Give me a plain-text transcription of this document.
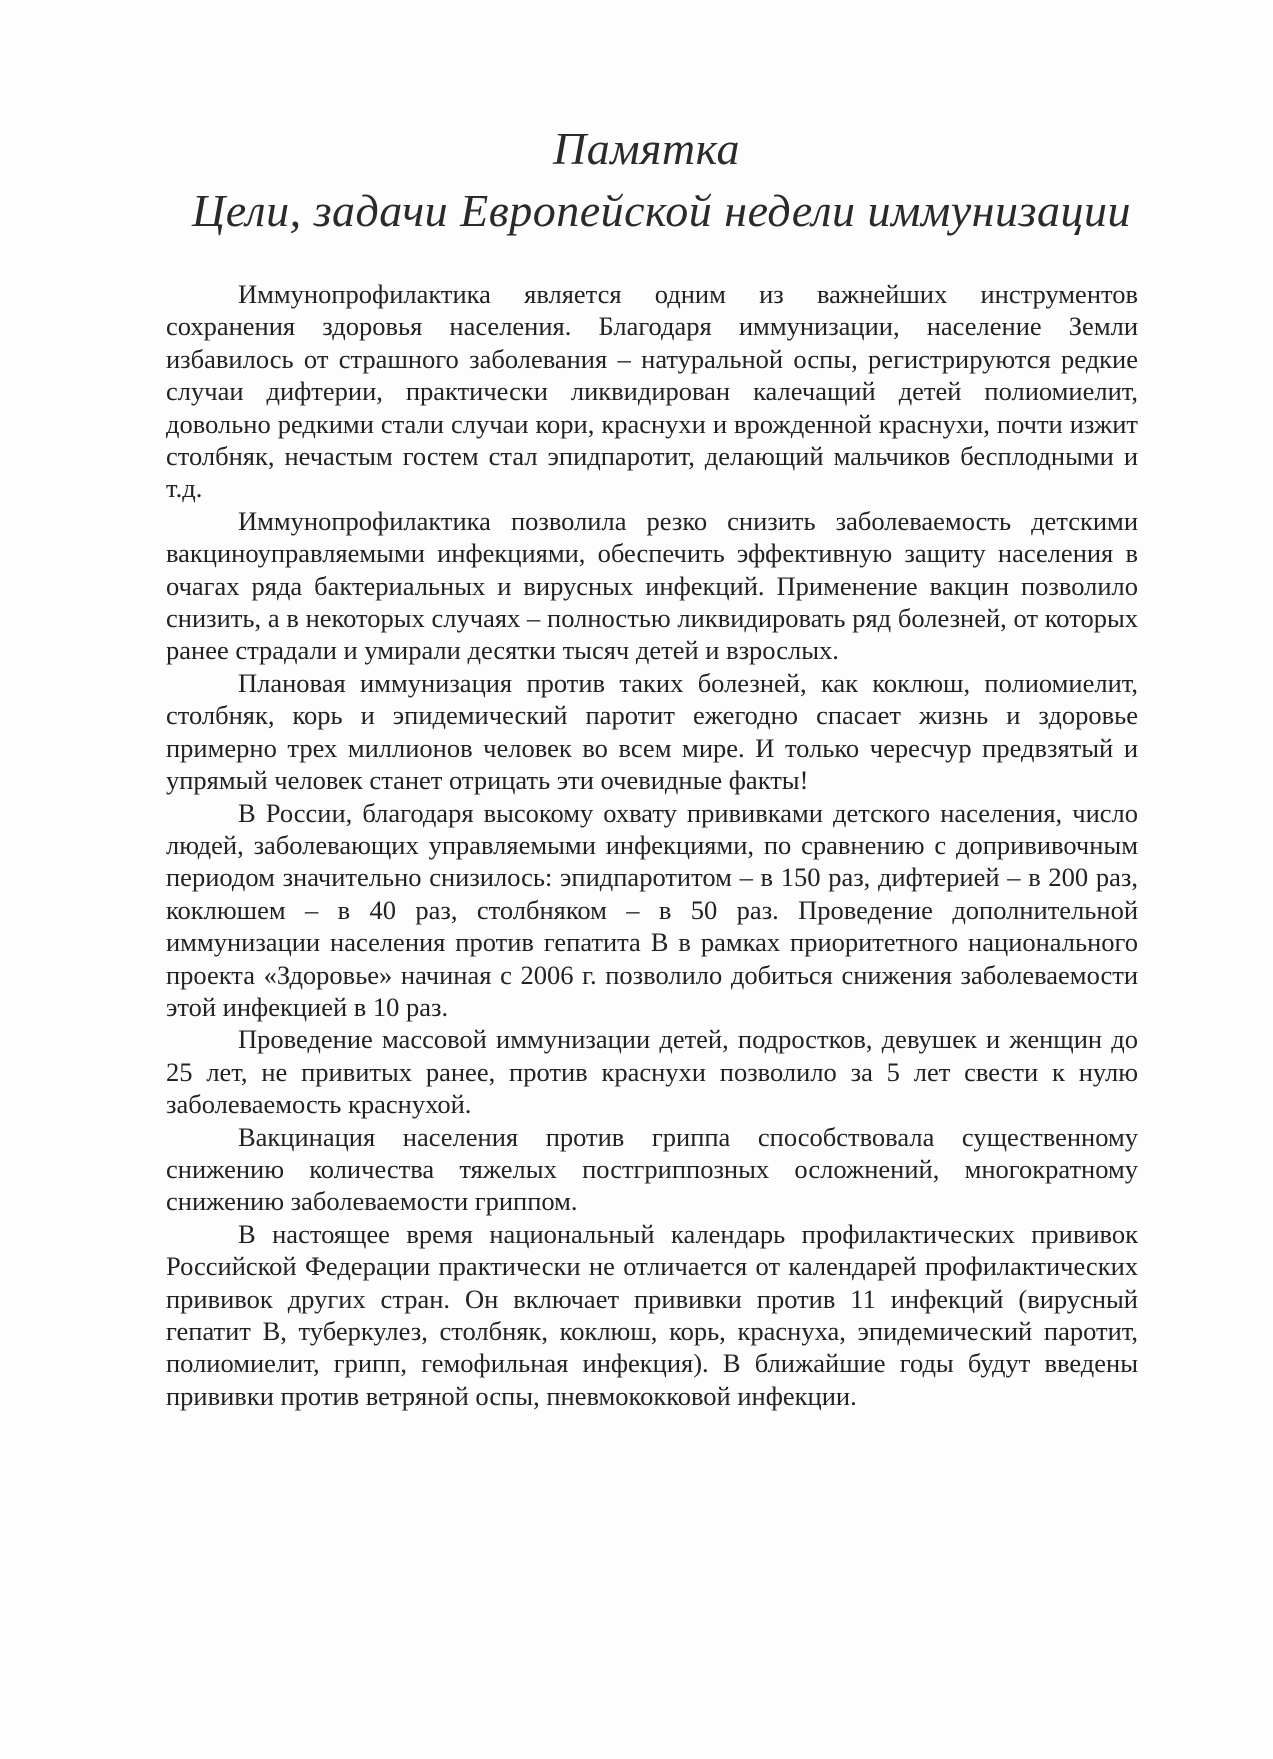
Памятка
Цели, задачи Европейской недели иммунизации

Иммунопрофилактика является одним из важнейших инструментов сохранения здоровья населения. Благодаря иммунизации, население Земли избавилось от страшного заболевания – натуральной оспы, регистрируются редкие случаи дифтерии, практически ликвидирован калечащий детей полиомиелит, довольно редкими стали случаи кори, краснухи и врожденной краснухи, почти изжит столбняк, нечастым гостем стал эпидпаротит, делающий мальчиков бесплодными и т.д.

Иммунопрофилактика позволила резко снизить заболеваемость детскими вакциноуправляемыми инфекциями, обеспечить эффективную защиту населения в очагах ряда бактериальных и вирусных инфекций. Применение вакцин позволило снизить, а в некоторых случаях – полностью ликвидировать ряд болезней, от которых ранее страдали и умирали десятки тысяч детей и взрослых.

Плановая иммунизация против таких болезней, как коклюш, полиомиелит, столбняк, корь и эпидемический паротит ежегодно спасает жизнь и здоровье примерно трех миллионов человек во всем мире. И только чересчур предвзятый и упрямый человек станет отрицать эти очевидные факты!

В России, благодаря высокому охвату прививками детского населения, число людей, заболевающих управляемыми инфекциями, по сравнению с допрививочным периодом значительно снизилось: эпидпаротитом – в 150 раз, дифтерией – в 200 раз, коклюшем – в 40 раз, столбняком – в 50 раз. Проведение дополнительной иммунизации населения против гепатита В в рамках приоритетного национального проекта «Здоровье» начиная с 2006 г. позволило добиться снижения заболеваемости этой инфекцией в 10 раз.

Проведение массовой иммунизации детей, подростков, девушек и женщин до 25 лет, не привитых ранее, против краснухи позволило за 5 лет свести к нулю заболеваемость краснухой.

Вакцинация населения против гриппа способствовала существенному снижению количества тяжелых постгриппозных осложнений, многократному снижению заболеваемости гриппом.

В настоящее время национальный календарь профилактических прививок Российской Федерации практически не отличается от календарей профилактических прививок других стран. Он включает прививки против 11 инфекций (вирусный гепатит В, туберкулез, столбняк, коклюш, корь, краснуха, эпидемический паротит, полиомиелит, грипп, гемофильная инфекция). В ближайшие годы будут введены прививки против ветряной оспы, пневмококковой инфекции.
